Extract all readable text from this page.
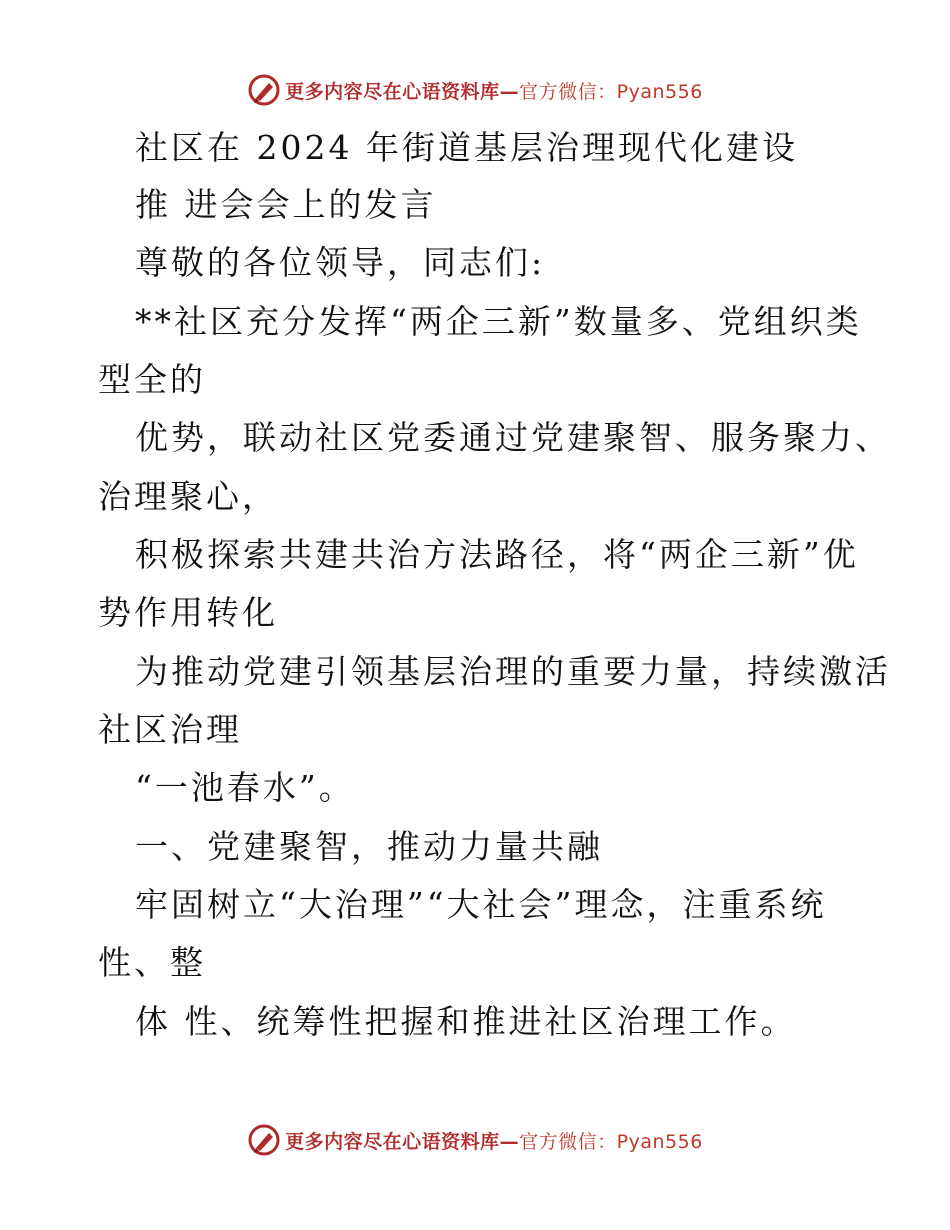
更多内容尽在心语资料库—官方微信：Pyan556
社区在 2024 年街道基层治理现代化建设
推 进会会上的发言
尊敬的各位领导，同志们:
**社区充分发挥“两企三新”数量多、党组织类
型全的
优势，联动社区党委通过党建聚智、服务聚力、
治理聚心，
积极探索共建共治方法路径，将“两企三新”优
势作用转化
为推动党建引领基层治理的重要力量，持续激活
社区治理
“一池春水”。
一、党建聚智，推动力量共融
牢固树立“大治理”“大社会”理念，注重系统
性、整
体 性、统筹性把握和推进社区治理工作。
更多内容尽在心语资料库—官方微信：Pyan556
